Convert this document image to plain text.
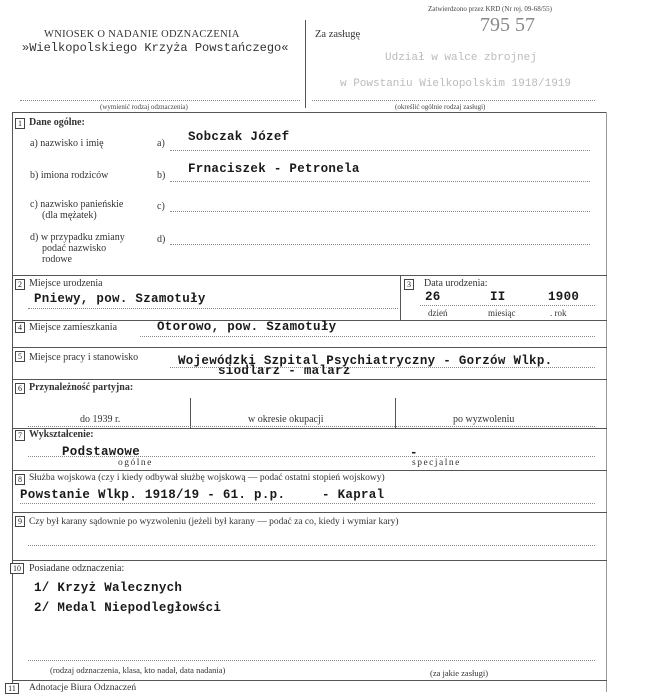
WNIOSEK O NADANIE ODZNACZENIA
»Wielkopolskiego Krzyża Powstańczego«
Za zasługę
Zatwierdzono przez KRD (Nr rej. 09-68/55)
795 57
Udział w walce zbrojnej
w Powstaniu Wielkopolskim 1918/1919
(wymienić rodzaj odznaczenia)	(określić ogólnie rodzaj zasługi)
1 Dane ogólne:
a) nazwisko i imię	a) Sobczak Józef
b) imiona rodziców	b) Frnaciszek - Petronela
c) nazwisko panieńskie
(dla mężatek)
c)
d) w przypadku zmiany
podać nazwisko
rodowe
d)
2 Miejsce urodzenia
Pniewy, pow. Szamotuły
3	Data urodzenia:
26	II	1900
dzień	miesiąc	. rok
4 Miejsce zamieszkania	Otorowo, pow. Szamotuły
5 Miejsce pracy i stanowisko	Wojewódzki Szpital Psychiatryczny - Gorzów Wlkp.
siodlarz - malarz
6 Przynależność partyjna:
do 1939 r.	w okresie okupacji	po wyzwoleniu
7 Wykształcenie:
Podstawowe	-
ogólne	specjalne
8 Służba wojskowa (czy i kiedy odbywał służbę wojskową — podać ostatni stopień wojskowy)
Powstanie Wlkp. 1918/19 - 61. p.p.	- Kapral
9 Czy był karany sądownie po wyzwoleniu (jeżeli był karany — podać za co, kiedy i wymiar kary)
10 Posiadane odznaczenia:
1/ Krzyż Walecznych
2/ Medal Niepodległowści
(rodzaj odznaczenia, klasa, kto nadał, data nadania)	(za jakie zasługi)
11	Adnotacje Biura Odznaczeń
